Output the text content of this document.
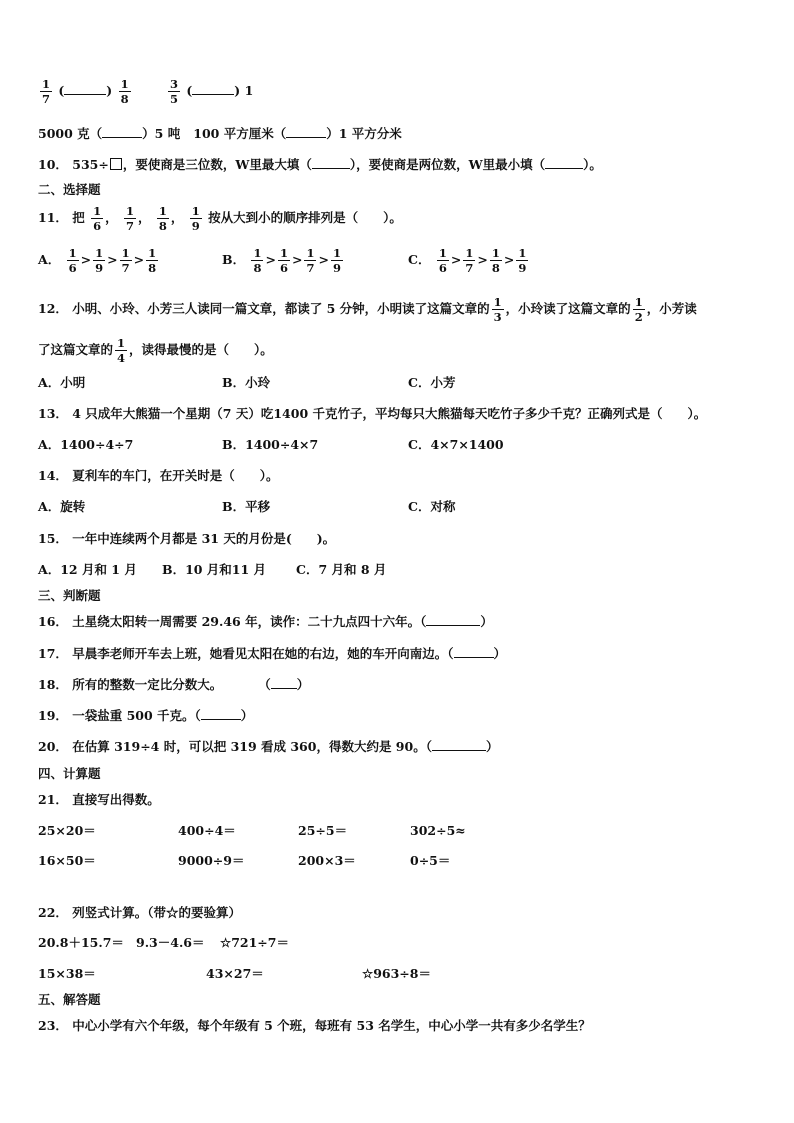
$\frac{1}{7}$ (	) $\frac{1}{8}$	$\frac{3}{5}$ (	) 1
5000 克（	）5 吨 100 平方厘米（	）1 平方分米
10． 535÷ ，要使商是三位数，W里最大填（	），要使商是两位数，W里最小填（	）。
二、选择题
11． 把 $\frac{1}{6}$ ， $\frac{1}{7}$ ， $\frac{1}{8}$ ， $\frac{1}{9}$ 按从大到小的顺序排列是（　　）。
A． $\frac{1}{6} > \frac{1}{9} > \frac{1}{7} > \frac{1}{8}$	B． $\frac{1}{8} > \frac{1}{6} > \frac{1}{7} > \frac{1}{9}$	C． $\frac{1}{6} > \frac{1}{7} > \frac{1}{8} > \frac{1}{9}$
12． 小明、小玲、小芳三人读同一篇文章，都读了 5 分钟，小明读了这篇文章的 $\frac{1}{3}$ ，小玲读了这篇文章的 $\frac{1}{2}$ ，小芳读
了这篇文章的 $\frac{1}{4}$ ，读得最慢的是（　　）。
A．小明	B．小玲	C．小芳
13． 4 只成年大熊猫一个星期（7 天）吃1400 千克竹子，平均每只大熊猫每天吃竹子多少千克？正确列式是（　　）。
A．1400÷4÷7	B．1400÷4×7	C．4×7×1400
14． 夏利车的车门，在开关时是（　　）。
A．旋转	B．平移	C．对称
15． 一年中连续两个月都是 31 天的月份是(　　)。
A．12 月和 1 月 B．10 月和11 月 C．7 月和 8 月
三、判断题
16． 土星绕太阳转一周需要 29.46 年，读作：二十九点四十六年。（	）
17． 早晨李老师开车去上班，她看见太阳在她的右边，她的车开向南边。（	）
18． 所有的整数一定比分数大。	（ ）
19． 一袋盐重 500 千克。（	）
20． 在估算 319÷4 时，可以把 319 看成 360，得数大约是 90。（	）
四、计算题
21． 直接写出得数。
25×20＝	400÷4＝	25÷5＝	302÷5≈
16×50＝	9000÷9＝	200×3＝	0÷5＝
22． 列竖式计算。（带☆的要验算）
20.8＋15.7＝ 9.3－4.6＝ ☆721÷7＝
15×38＝	43×27＝	☆963÷8＝
五、解答题
23． 中心小学有六个年级，每个年级有 5 个班，每班有 53 名学生，中心小学一共有多少名学生？
